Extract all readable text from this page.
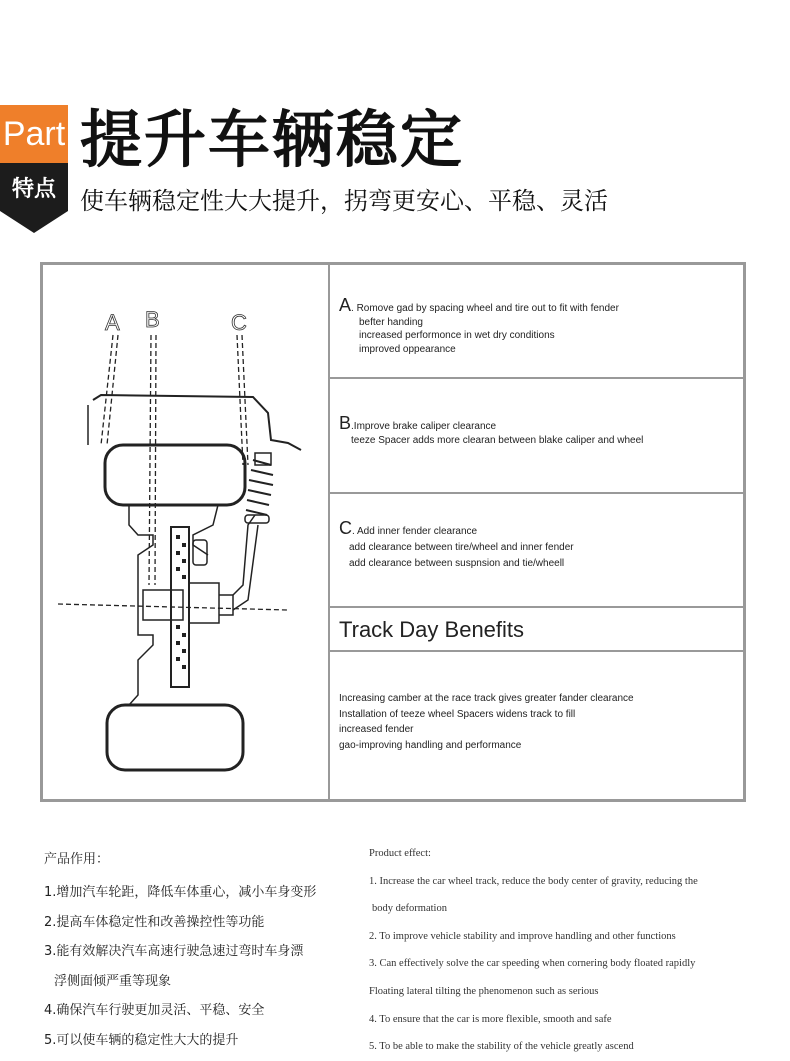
Part
特点
提升车辆稳定
使车辆稳定性大大提升，拐弯更安心、平稳、灵活
A B	C
A. Romove gad by spacing wheel and tire out to fit with fender
befter handing
increased performonce in wet dry conditions
improved oppearance
B.Improve brake caliper clearance
teeze Spacer adds more clearan between blake caliper and wheel
C. Add inner fender clearance
add clearance between tire/wheel and inner fender
add clearance between suspnsion and tie/wheell
Track Day Benefits
Increasing camber at the race track gives greater fander clearance
Installation of teeze wheel Spacers widens track to fill
increased fender
gao-improving handling and performance
产品作用：
1.增加汽车轮距，降低车体重心，减小车身变形
2.提高车体稳定性和改善操控性等功能
3.能有效解决汽车高速行驶急速过弯时车身漂
浮侧面倾严重等现象
4.确保汽车行驶更加灵活、平稳、安全
5.可以使车辆的稳定性大大的提升
Product effect:
1. Increase the car wheel track, reduce the body center of gravity, reducing the
body deformation
2. To improve vehicle stability and improve handling and other functions
3. Can effectively solve the car speeding when cornering body floated rapidly
Floating lateral tilting the phenomenon such as serious
4. To ensure that the car is more flexible, smooth and safe
5. To be able to make the stability of the vehicle greatly ascend
